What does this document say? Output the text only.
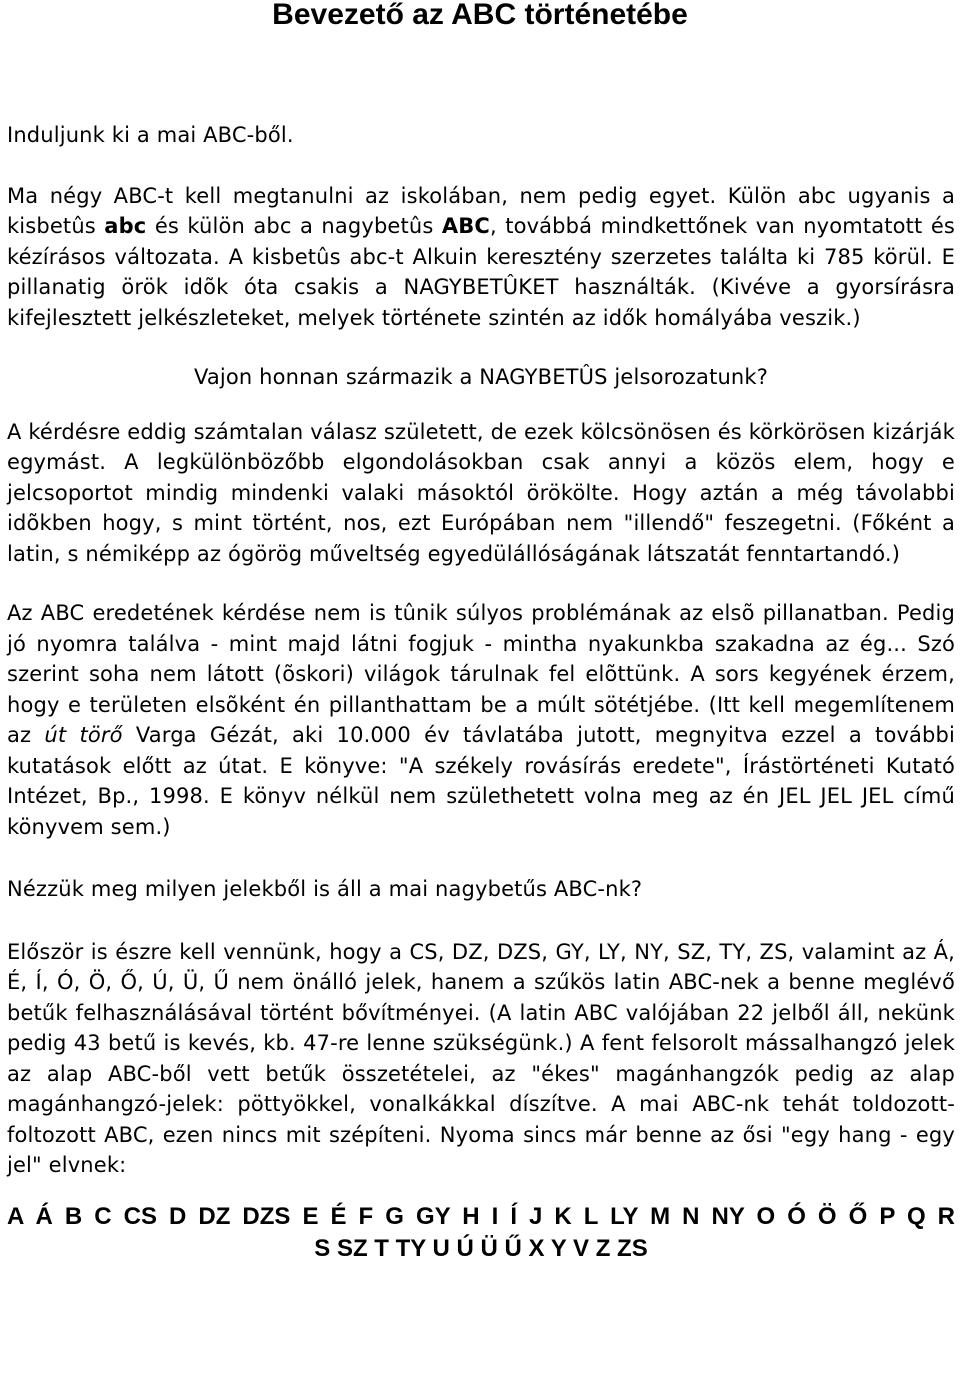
Bevezető az ABC történetébe

Induljunk ki a mai ABC-ből.

Ma négy ABC-t kell megtanulni az iskolában, nem pedig egyet. Külön abc ugyanis a kisbetûs abc és külön abc a nagybetûs ABC, továbbá mindkettőnek van nyomtatott és kézírásos változata. A kisbetûs abc-t Alkuin keresztény szerzetes találta ki 785 körül. E pillanatig örök idõk óta csakis a NAGYBETÛKET használták. (Kivéve a gyorsírásra kifejlesztett jelkészleteket, melyek története szintén az idők homályába veszik.)

Vajon honnan származik a NAGYBETÛS jelsorozatunk?

A kérdésre eddig számtalan válasz született, de ezek kölcsönösen és körkörösen kizárják egymást. A legkülönbözőbb elgondolásokban csak annyi a közös elem, hogy e jelcsoportot mindig mindenki valaki másoktól örökölte. Hogy aztán a még távolabbi idõkben hogy, s mint történt, nos, ezt Európában nem "illendő" feszegetni. (Főként a latin, s némiképp az ógörög műveltség egyedülállóságának látszatát fenntartandó.)

Az ABC eredetének kérdése nem is tûnik súlyos problémának az elsõ pillanatban. Pedig jó nyomra találva - mint majd látni fogjuk - mintha nyakunkba szakadna az ég... Szó szerint soha nem látott (õskori) világok tárulnak fel elõttünk. A sors kegyének érzem, hogy e területen elsõként én pillanthattam be a múlt sötétjébe. (Itt kell megemlítenem az út törő Varga Gézát, aki 10.000 év távlatába jutott, megnyitva ezzel a további kutatások előtt az útat. E könyve: "A székely rovásírás eredete", Írástörténeti Kutató Intézet, Bp., 1998. E könyv nélkül nem születhetett volna meg az én JEL JEL JEL című könyvem sem.)

Nézzük meg milyen jelekből is áll a mai nagybetűs ABC-nk?

Először is észre kell vennünk, hogy a CS, DZ, DZS, GY, LY, NY, SZ, TY, ZS, valamint az Á, É, Í, Ó, Ö, Ő, Ú, Ü, Ű nem önálló jelek, hanem a szűkös latin ABC-nek a benne meglévő betűk felhasználásával történt bővítményei. (A latin ABC valójában 22 jelből áll, nekünk pedig 43 betű is kevés, kb. 47-re lenne szükségünk.) A fent felsorolt mássalhangzó jelek az alap ABC-ből vett betűk összetételei, az "ékes" magánhangzók pedig az alap magánhangzó-jelek: pöttyökkel, vonalkákkal díszítve. A mai ABC-nk tehát toldozott-foltozott ABC, ezen nincs mit szépíteni. Nyoma sincs már benne az ősi "egy hang - egy jel" elvnek:

A Á B C CS D DZ DZS E É F G GY H I Í J K L LY M N NY O Ó Ö Ő P Q R

S SZ T TY U Ú Ü Ű X Y V Z ZS
